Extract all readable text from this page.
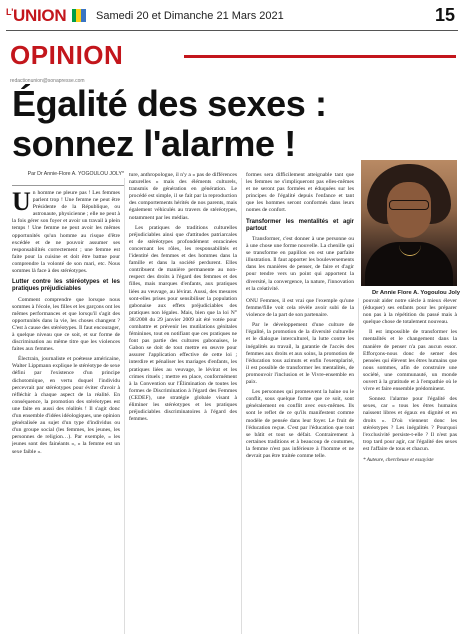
$^{L'}$UNION	Samedi 20 et Dimanche 21 Mars 2021	15
OPINION
redactionunion@sonapresse.com
Égalité des sexes : sonnez l'alarme !
Par Dr Annie-Flore A. YOGOULOU JOLY*

Un homme ne pleure pas ! Les femmes parlent trop ! Une femme ne peut être Présidente de la République, ou astronaute, physicienne ; elle ne peut à la fois gérer son foyer et avoir un travail à plein temps ! Une femme ne peut avoir les mêmes opportunités qu'un homme au risque d'être excédée et de ne pouvoir assumer ses responsabilités correctement ; une femme est faite pour la cuisine et doit être battue pour comprendre la volonté de son mari, etc. Nous sommes là face à des stéréotypes.

Lutter contre les stéréotypes et les pratiques préjudiciables

Comment comprendre que lorsque nous sommes à l'école, les filles et les garçons ont les mêmes performances et que lorsqu'il s'agit des opportunités dans la vie, les choses changent ? C'est à cause des stéréotypes. Il faut encourager, à quelque niveau que ce soit, et sur forme de discrimination au même titre que les violences faites aux femmes.

Électrain, journaliste et poétesse américaine, Walter Lippmann explique le stéréotype de sexe défini par l'existence d'un principe dichotomique, en vertu duquel l'individu percevrait par stéréotypes pour éviter d'avoir à réfléchir à chaque aspect de la réalité. En conséquence, la promotion des stéréotypes est une faite en aussi des réalités ! Il s'agit donc d'un ensemble d'idées idéologiques, une opinion généralisée au sujet d'un type d'individus ou d'un groupe social (les femmes, les jeunes, les personnes de religion…). Par exemple, « les jeunes sont des fainéants », « la femme est un sexe faible ».

ture, anthropologue, il n'y a « pas de différences naturelles » mais des éléments culturels, transmis de génération en génération. Le procédé est simple, il se fait par la reproduction des comportements hérités de nos parents, mais également véhiculés au travers de stéréotypes, notamment par les médias.

Les pratiques de traditions culturelles préjudiciables ainsi que d'attitudes patriarcales et de stéréotypes profondément enracinées concernant les rôles, les responsabilités et l'identité des femmes et des hommes dans la famille et dans la société perdurent. Elles contribuent de manière permanente au non-respect des droits à l'égard des femmes et des filles, mais marques d'enfants, aux pratiques liées au veuvage, au lévirat. Aussi, des mesures sont-elles prises pour sensibiliser la population gabonaise aux effets préjudiciables des pratiques non légales. Mais, bien que la loi N° 38/2008 du 29 janvier 2009 ait été votée pour combattre et prévenir les mutilations génitales féminines, tout en notifiant que ces pratiques ne font pas partie des cultures gabonaises, le Gabon se doit de tout mettre en œuvre pour assurer l'application effective de cette loi ; interdire et pénaliser les mariages d'enfants, les pratiques liées au veuvage, le lévirat et les crimes rituels ; mettre en place, conformément à la Convention sur l'Élimination de toutes les formes de Discrimination à l'égard des Femmes (CEDEF), une stratégie globale visant à éliminer les stéréotypes et les pratiques préjudiciables discriminatoires à l'égard des femmes.

formes sera difficilement atteignable tant que les femmes ne s'impliqueront pas elles-mêmes et ne seront pas formées et éduquées sur les principes de l'égalité depuis l'enfance et tant que les hommes seront conformés dans leurs nomes de confort.

Transformer les mentalités et agir partout

Transformer, c'est donner à une personne ou à une chose une forme nouvelle. La chenille qui se transforme en papillon en est une parfaite illustration. Il faut apporter les bouleversements dans les manières de penser, de faire et d'agir pour tendre vers un point qui apportent la diversité, la convergence, la nature, l'innovation et la créativité.

Dr Annie Flore A. Yogoulou Joly

ONU Femmes, il est vrai que l'exemple qu'une femme/fille voit cela révèle avoir subi de la violence de la part de son partenaire.

Par le développement d'une culture de l'égalité, la promotion de la diversité culturelle et le dialogue interculturel, la lutte contre les inégalités au travail, la garantie de l'accès des femmes aux droits et aux soins, la promotion de l'éducation tous azimuts et enfin l'exemplarité, il est possible de transformer les mentalités, de promouvoir l'inclusion et le Vivre-ensemble en paix.

Les personnes qui promeuvent la haine ou le conflit, sous quelque forme que ce soit, sont généralement en conflit avec eux-mêmes. Ils sont le reflet de ce qu'ils manifestent comme modèle de pensée dans leur foyer. Le fruit de l'éducation reçue. C'est par l'éducation que tout se bâtit et tout se défait. Contrairement à certaines traditions et à beaucoup de coutumes, la femme n'est pas inférieure à l'homme et ne devrait pas être traitée comme telle.

pouvait aider notre siècle à mieux élever (éduquer) ses enfants pour les préparer non pas à la répétition du passé mais à quelque chose de totalement nouveau.

Il est impossible de transformer les mentalités et le changement dans la manière de penser n'a pas aucun essor. Efforçons-nous donc de semer des pensées qui élèvent les êtres humains que nous sommes, afin de construire une société, une communauté, un monde ouvert à la gratitude et à l'empathie où le vivre et faire ensemble prédominent.

Sonnez l'alarme pour l'égalité des sexes, car « tous les êtres humains naissent libres et égaux en dignité et en droits ». D'où viennent donc les stéréotypes ? Les inégalités ? Pourquoi l'exclusivité persiste-t-elle ? Il n'est pas trop tard pour agir, car l'égalité des sexes est l'affaire de tous et chacun.

* Auteure, chercheuse et essayiste
